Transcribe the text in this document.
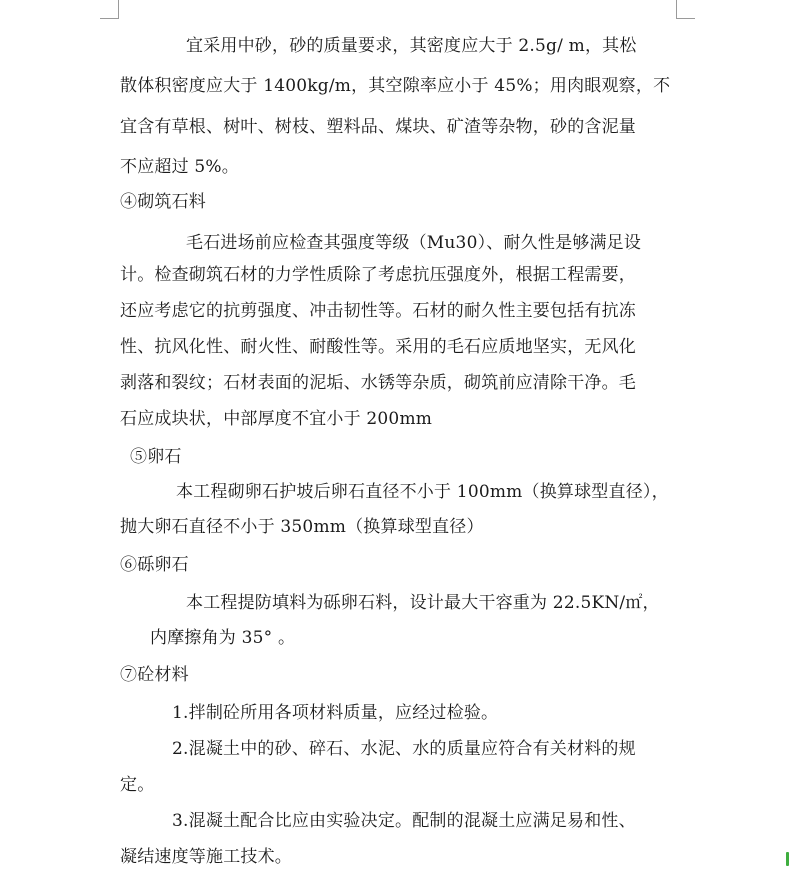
宜采用中砂，砂的质量要求，其密度应大于 2.5g/ m，其松

散体积密度应大于 1400kg/m，其空隙率应小于 45%；用肉眼观察，不

宜含有草根、树叶、树枝、塑料品、煤块、矿渣等杂物，砂的含泥量

不应超过 5%。

④砌筑石料

毛石进场前应检查其强度等级（Mu30）、耐久性是够满足设

计。检查砌筑石材的力学性质除了考虑抗压强度外，根据工程需要，

还应考虑它的抗剪强度、冲击韧性等。石材的耐久性主要包括有抗冻

性、抗风化性、耐火性、耐酸性等。采用的毛石应质地坚实，无风化

剥落和裂纹；石材表面的泥垢、水锈等杂质，砌筑前应清除干净。毛

石应成块状，中部厚度不宜小于 200mm

⑤卵石

本工程砌卵石护坡后卵石直径不小于 100mm（换算球型直径），

抛大卵石直径不小于 350mm（换算球型直径）

⑥砾卵石

本工程提防填料为砾卵石料，设计最大干容重为 22.5KN/㎡，

内摩擦角为 35° 。

⑦砼材料

1.拌制砼所用各项材料质量，应经过检验。

2.混凝土中的砂、碎石、水泥、水的质量应符合有关材料的规

定。

3.混凝土配合比应由实验决定。配制的混凝土应满足易和性、

凝结速度等施工技术。
